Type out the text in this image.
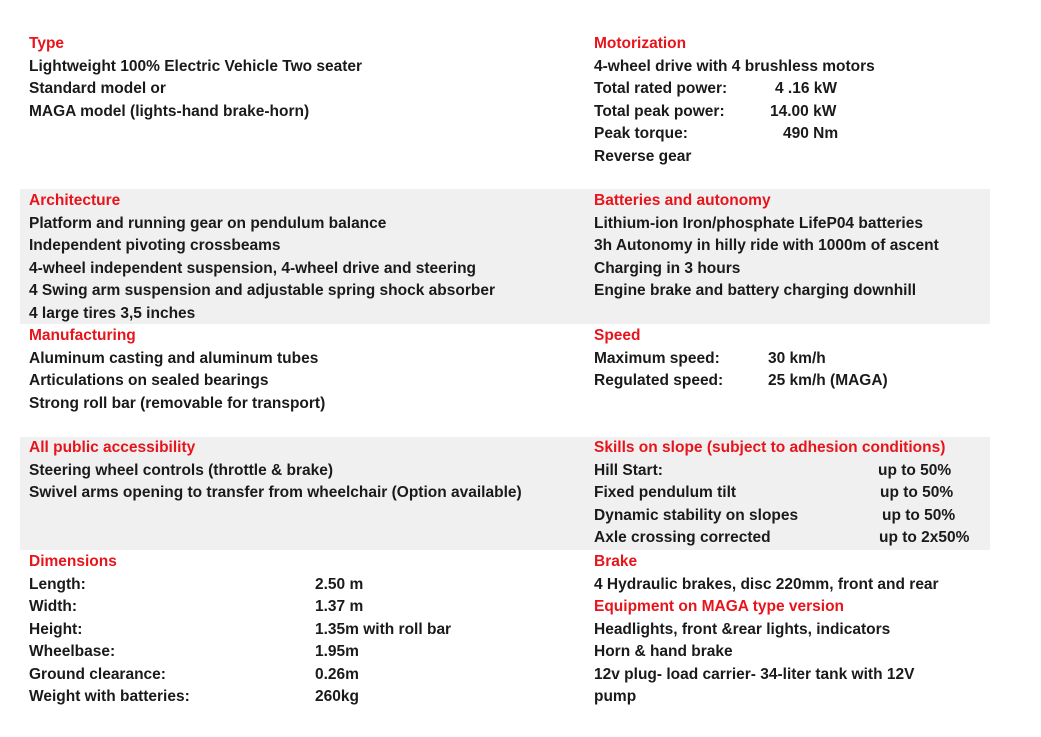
Type
Lightweight 100% Electric Vehicle Two seater
Standard model or
MAGA model (lights-hand brake-horn)
Architecture
Platform and running gear on pendulum balance
Independent pivoting crossbeams
4-wheel independent suspension, 4-wheel drive and steering
4 Swing arm suspension and adjustable spring shock absorber
4 large tires 3,5 inches
Manufacturing
Aluminum casting and aluminum tubes
Articulations on sealed bearings
Strong roll bar (removable for transport)
All public accessibility
Steering wheel controls (throttle & brake)
Swivel arms opening to transfer from wheelchair (Option available)
Dimensions
Length:	2.50 m
Width:	1.37 m
Height:	1.35m with roll bar
Wheelbase:	1.95m
Ground clearance:	0.26m
Weight with batteries:	260kg
Motorization
4-wheel drive with 4 brushless motors
Total rated power:	4 .16 kW
Total peak power:	14.00 kW
Peak torque:	490 Nm
Reverse gear
Batteries and autonomy
Lithium-ion Iron/phosphate LifeP04 batteries
3h Autonomy in hilly ride with 1000m of ascent
Charging in 3 hours
Engine brake and battery charging downhill
Speed
Maximum speed:	30 km/h
Regulated speed:	25 km/h (MAGA)
Skills on slope (subject to adhesion conditions)
Hill Start:	up to 50%
Fixed pendulum tilt	up to 50%
Dynamic stability on slopes	up to 50%
Axle crossing corrected	up to 2x50%
Brake
4 Hydraulic brakes, disc 220mm, front and rear
Equipment on MAGA type version
Headlights, front &rear lights, indicators
Horn & hand brake
12v plug- load carrier- 34-liter tank with 12V
pump
